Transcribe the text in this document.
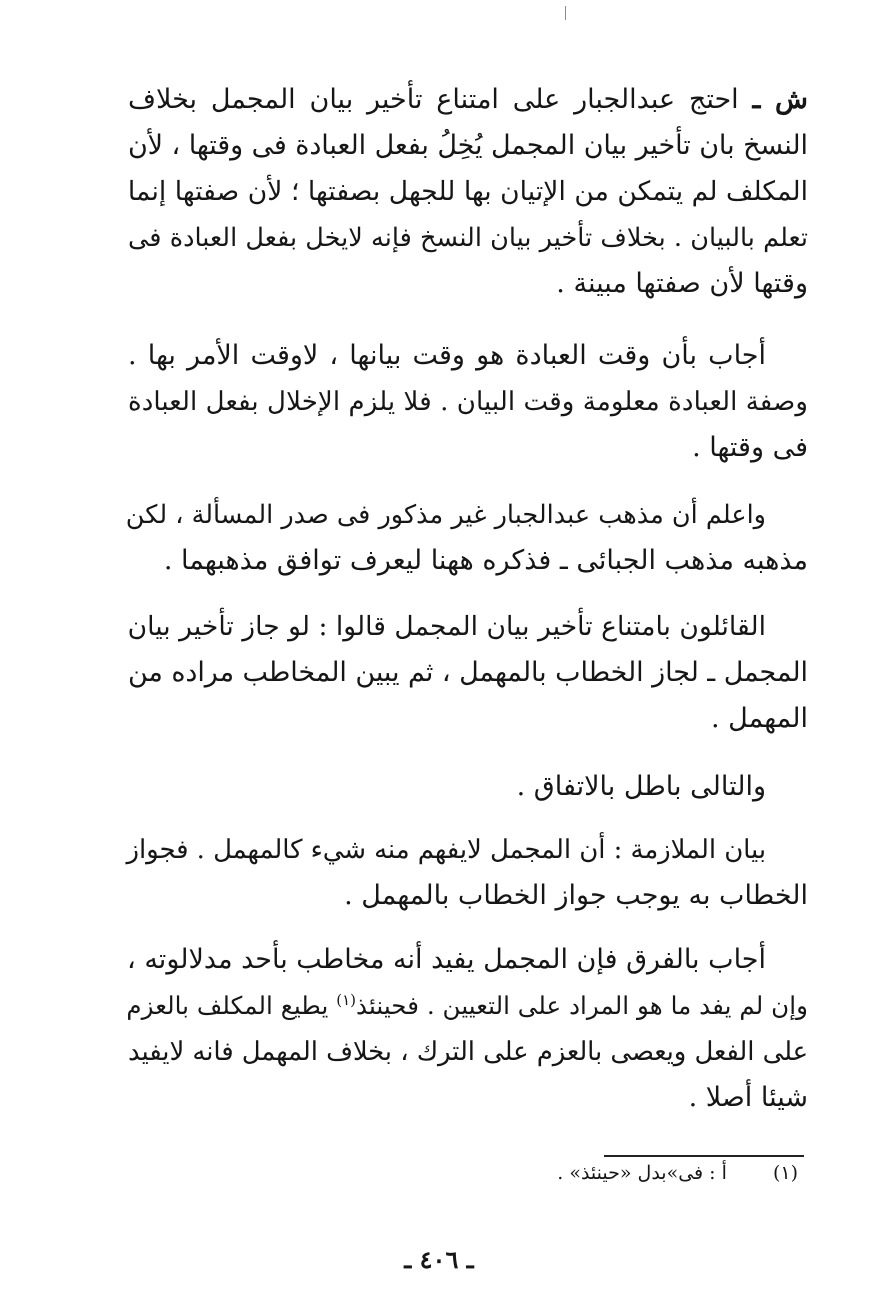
ش ـ احتج عبدالجبار على امتناع تأخير بيان المجمل بخلاف
النسخ بان تأخير بيان المجمل يُخِلُ بفعل العبادة فى وقتها ، لأن
المكلف لم يتمكن من الإتيان بها للجهل بصفتها ؛ لأن صفتها إنما
تعلم بالبيان . بخلاف تأخير بيان النسخ فإنه لايخل بفعل العبادة فى
وقتها لأن صفتها مبينة .
أجاب بأن وقت العبادة هو وقت بيانها ، لاوقت الأمر بها .
وصفة العبادة معلومة وقت البيان . فلا يلزم الإخلال بفعل العبادة
فى وقتها .
واعلم أن مذهب عبدالجبار غير مذكور فى صدر المسألة ، لكن
مذهبه مذهب الجبائى ـ فذكره ههنا ليعرف توافق مذهبهما .
القائلون بامتناع تأخير بيان المجمل قالوا : لو جاز تأخير بيان
المجمل ـ لجاز الخطاب بالمهمل ، ثم يبين المخاطب مراده من
المهمل .
والتالى باطل بالاتفاق .
بيان الملازمة : أن المجمل لايفهم منه شيء كالمهمل . فجواز
الخطاب به يوجب جواز الخطاب بالمهمل .
أجاب بالفرق فإن المجمل يفيد أنه مخاطب بأحد مدلالوته ،
وإن لم يفد ما هو المراد على التعيين . فحينئذ$^{(١)}$ يطيع المكلف بالعزم
على الفعل ويعصى بالعزم على الترك ، بخلاف المهمل فانه لايفيد
شيئا أصلا .
(١) أ : فى»بدل «حينئذ» .
ـ ٤٠٦ ـ
